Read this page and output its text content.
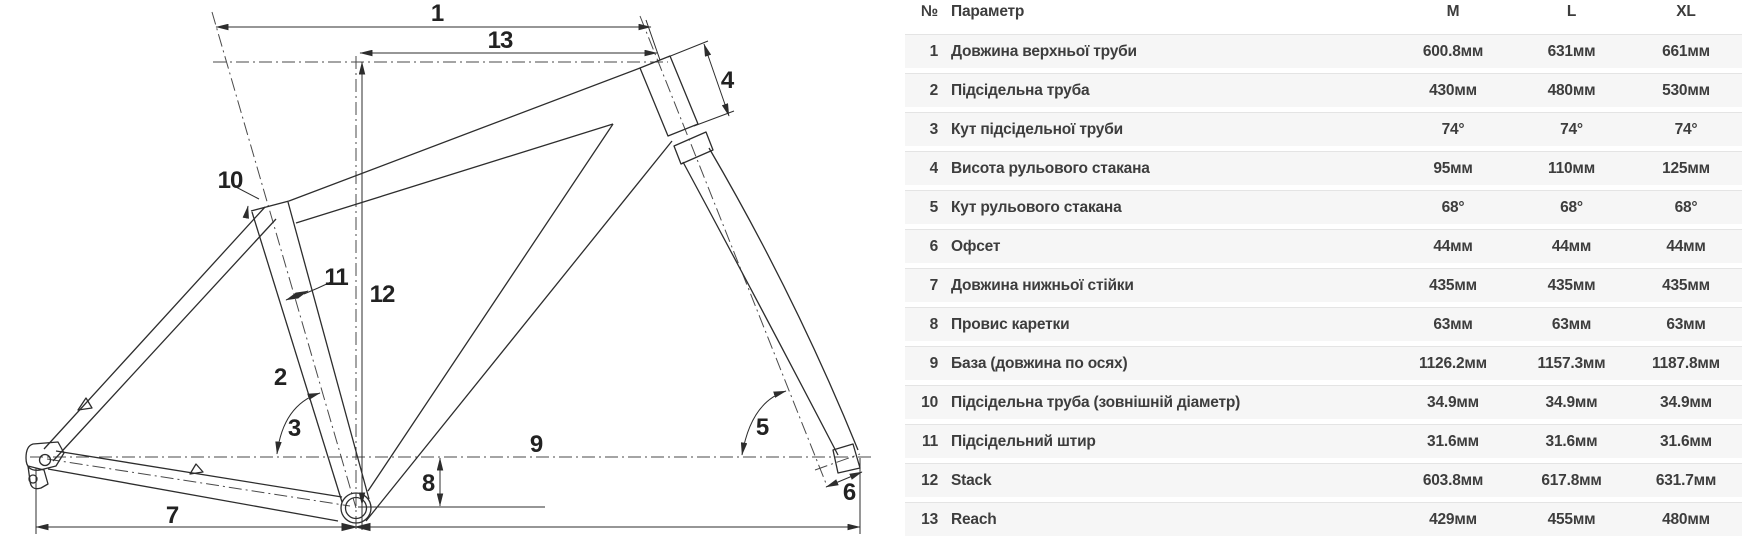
1
13
4
10
11
12
2
3
9
5
8	6
7
№ Параметр	M	L	XL
1 Довжина верхньої труби	600.8мм	631мм	661мм
2 Підсідельна труба	430мм	480мм	530мм
3 Кут підсідельної труби	74°	74°	74°
4 Висота рульового стакана	95мм	110мм	125мм
5 Кут рульового стакана	68°	68°	68°
6 Офсет	44мм	44мм	44мм
7 Довжина нижньої стійки	435мм	435мм	435мм
8 Провис каретки	63мм	63мм	63мм
9 База (довжина по осях)	1126.2мм	1157.3мм	1187.8мм
10 Підсідельна труба (зовнішній діаметр)	34.9мм	34.9мм	34.9мм
11 Підсідельний штир	31.6мм	31.6мм	31.6мм
12 Stack	603.8мм	617.8мм	631.7мм
13 Reach	429мм	455мм	480мм
